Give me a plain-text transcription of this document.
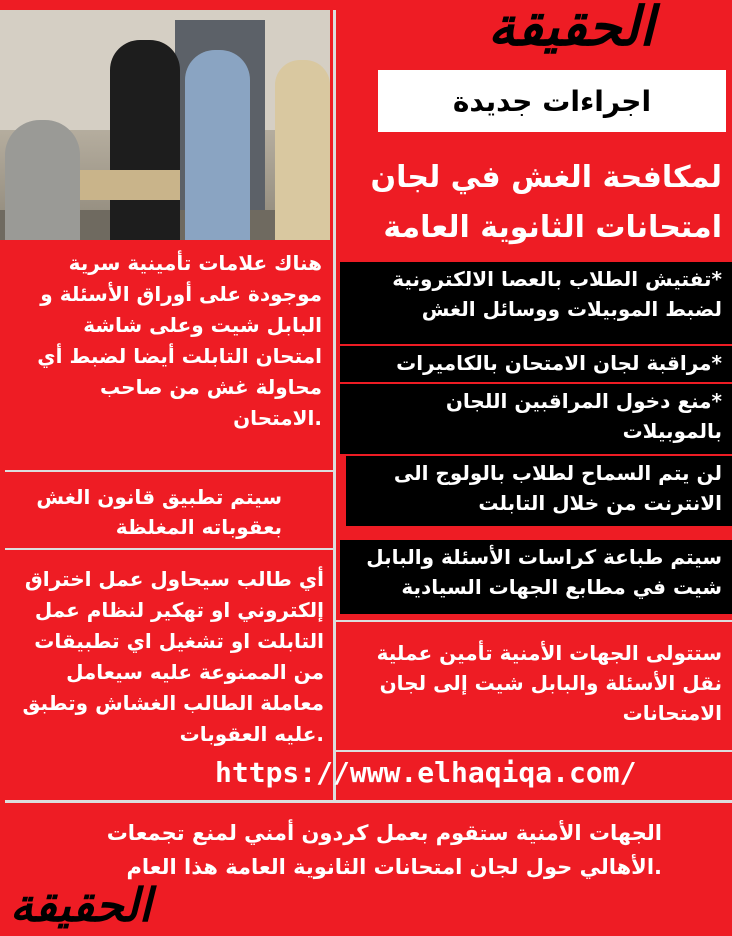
الحقيقة
اجراءات جديدة
لمكافحة الغش في لجان
امتحانات الثانوية العامة
*تفتيش الطلاب بالعصا الالكترونية
لضبط الموبيلات ووسائل الغش
*مراقبة لجان الامتحان بالكاميرات
*منع دخول المراقبين اللجان
بالموبيلات
لن يتم السماح لطلاب بالولوج الى
الانترنت من خلال التابلت
سيتم طباعة كراسات الأسئلة والبابل
شيت في مطابع الجهات السيادية
ستتولى الجهات الأمنية تأمين عملية
نقل الأسئلة والبابل شيت إلى لجان
الامتحانات
هناك علامات تأمينية سرية
موجودة على أوراق الأسئلة و
البابل شيت وعلى شاشة
امتحان التابلت أيضا لضبط أي
محاولة غش من صاحب
.الامتحان
سيتم تطبيق قانون الغش
بعقوباته المغلظة
أي طالب سيحاول عمل اختراق
إلكتروني او تهكير لنظام عمل
التابلت او تشغيل اي تطبيقات
من الممنوعة عليه سيعامل
معاملة الطالب الغشاش وتطبق
.عليه العقوبات
https://www.elhaqiqa.com/
الجهات الأمنية ستقوم بعمل كردون أمني لمنع تجمعات
.الأهالي حول لجان امتحانات الثانوية العامة هذا العام
الحقيقة
